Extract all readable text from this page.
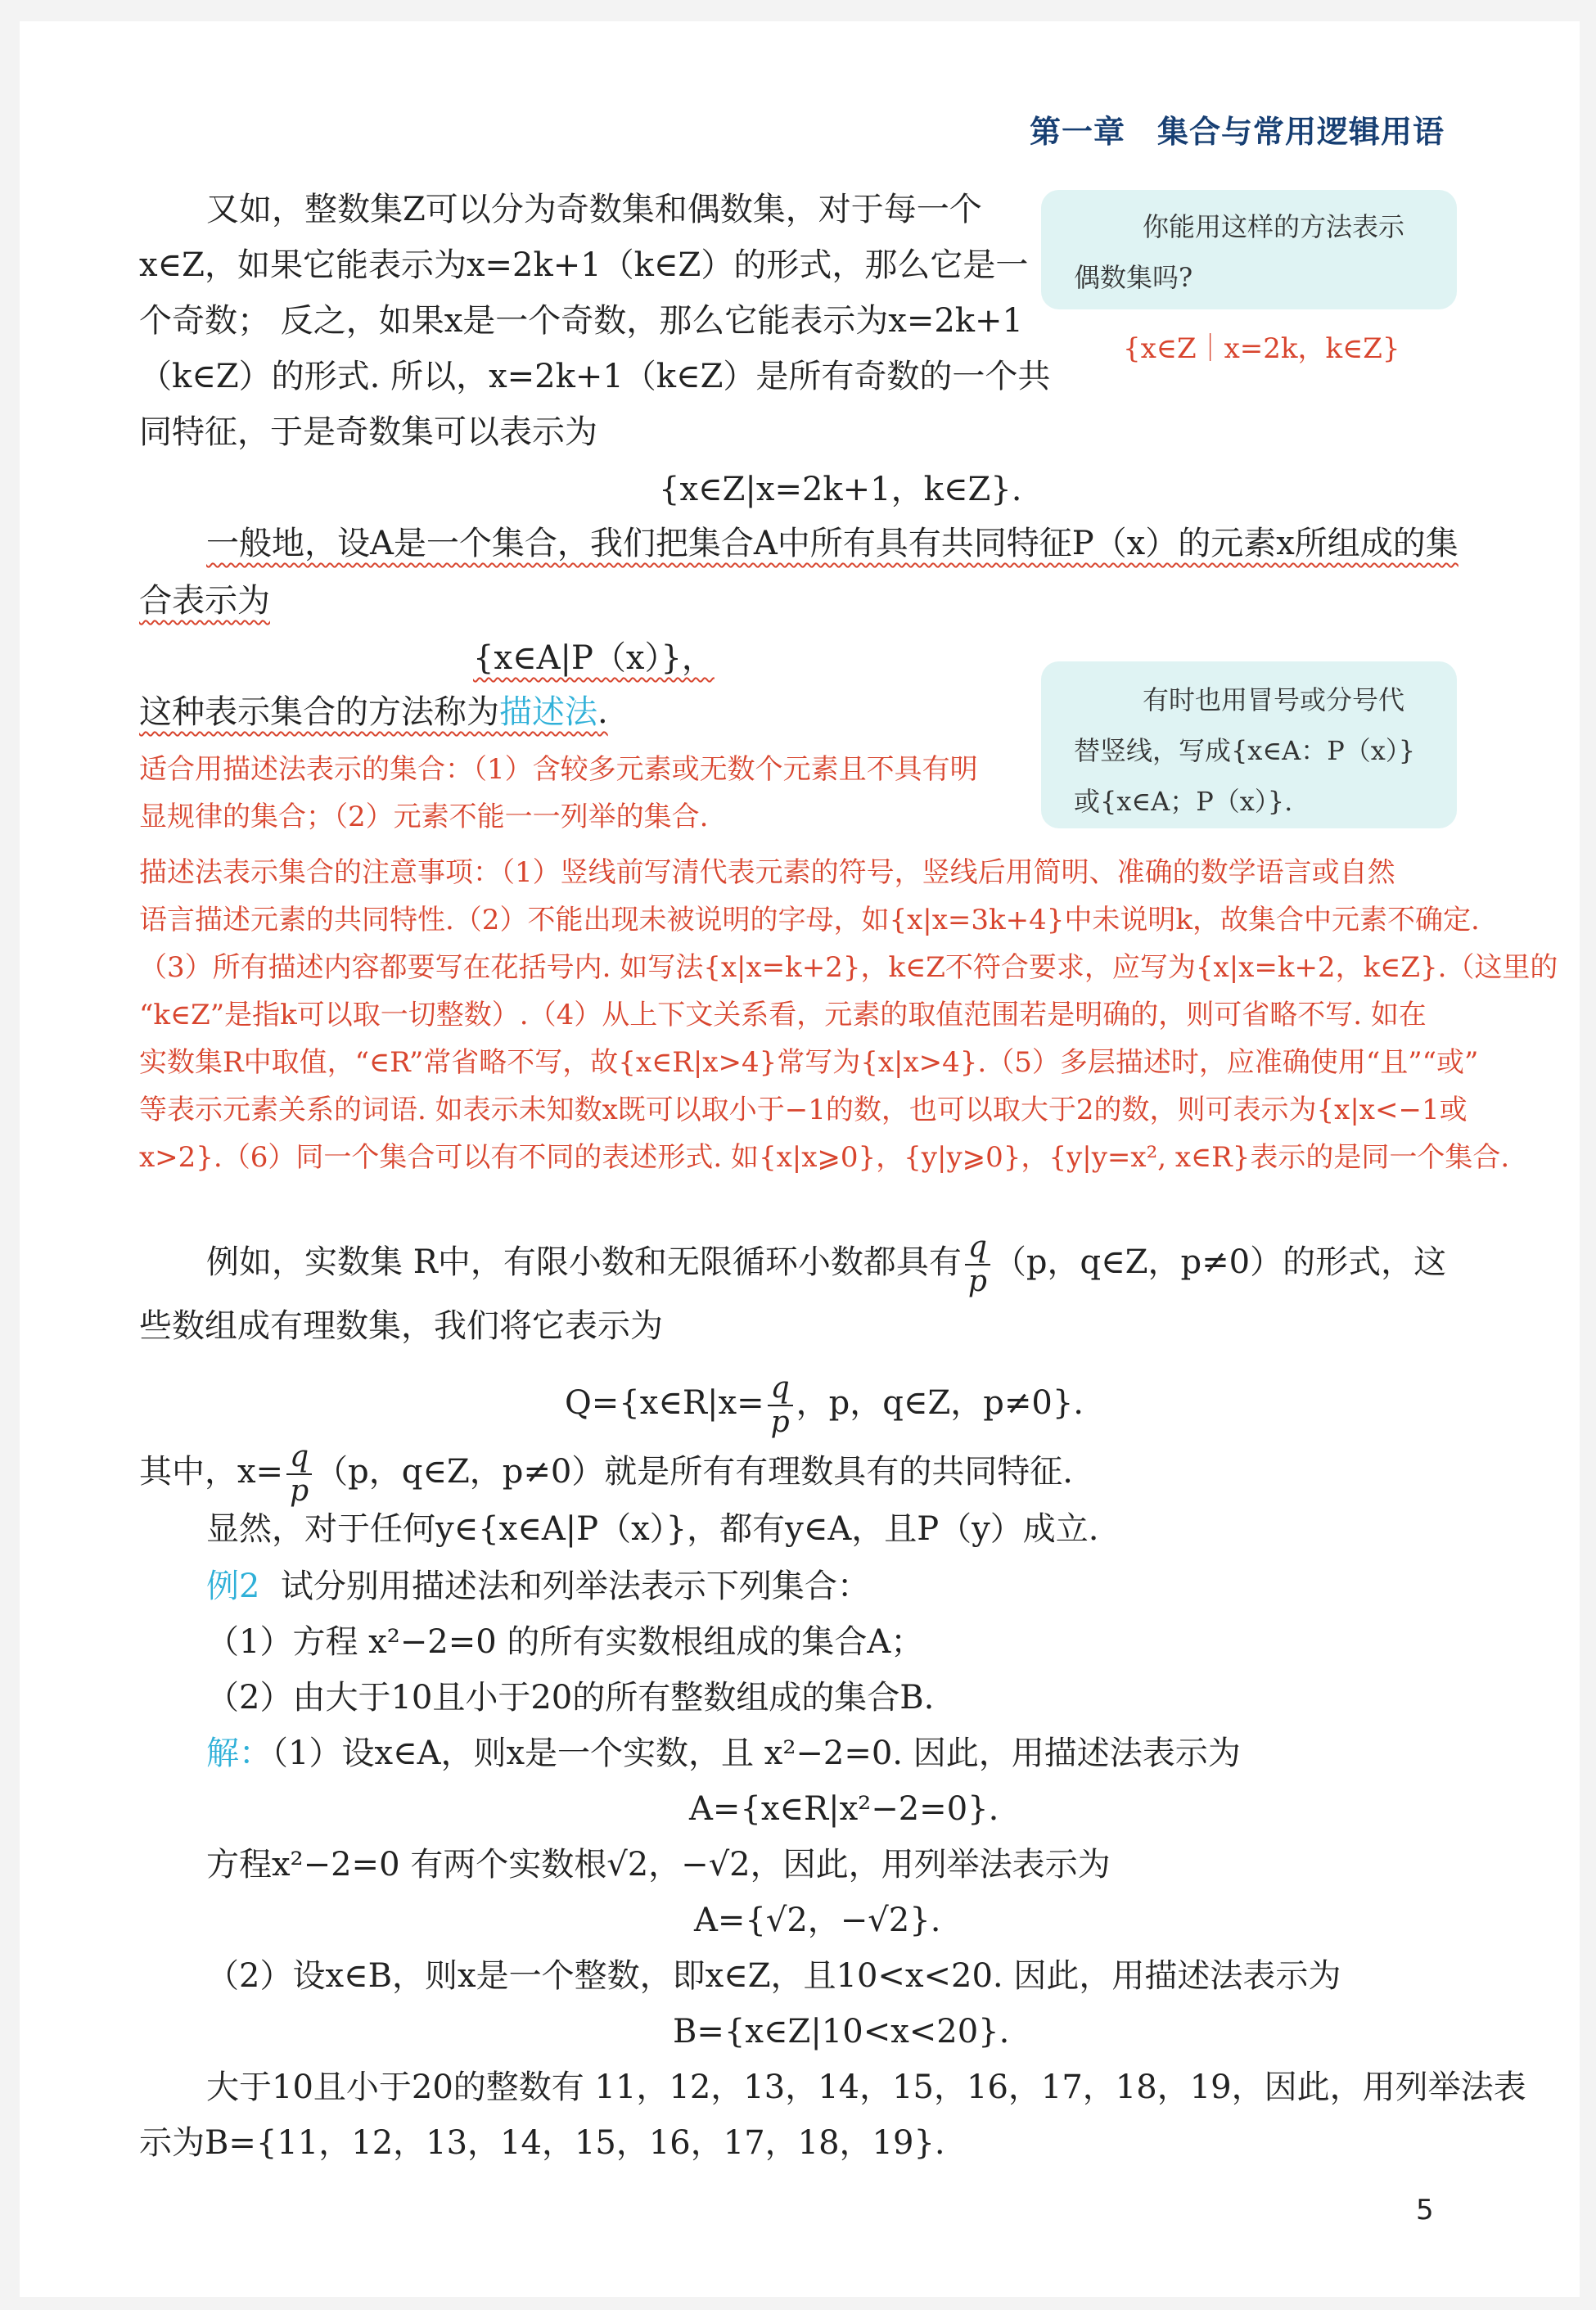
第一章　集合与常用逻辑用语
又如，整数集Z可以分为奇数集和偶数集，对于每一个
x∈Z，如果它能表示为x=2k+1（k∈Z）的形式，那么它是一
个奇数； 反之，如果x是一个奇数，那么它能表示为x=2k+1
（k∈Z）的形式. 所以，x=2k+1（k∈Z）是所有奇数的一个共
同特征，于是奇数集可以表示为
{x∈Z|x=2k+1，k∈Z}.
你能用这样的方法表示
偶数集吗?
{x∈Z｜x=2k，k∈Z}
一般地，设A是一个集合，我们把集合A中所有具有共同特征P（x）的元素x所组成的集
合表示为
{x∈A|P（x）}，
这种表示集合的方法称为描述法.	有时也用冒号或分号代
替竖线，写成{x∈A：P（x）}
或{x∈A；P（x）}.
适合用描述法表示的集合：（1）含较多元素或无数个元素且不具有明
显规律的集合；（2）元素不能一一列举的集合.
描述法表示集合的注意事项：（1）竖线前写清代表元素的符号，竖线后用简明、准确的数学语言或自然
语言描述元素的共同特性.（2）不能出现未被说明的字母，如{x|x=3k+4}中未说明k，故集合中元素不确定.
（3）所有描述内容都要写在花括号内. 如写法{x|x=k+2}，k∈Z不符合要求，应写为{x|x=k+2，k∈Z}.（这里的
“k∈Z”是指k可以取一切整数）.（4）从上下文关系看，元素的取值范围若是明确的，则可省略不写. 如在
实数集R中取值，“∈R”常省略不写，故{x∈R|x>4}常写为{x|x>4}.（5）多层描述时，应准确使用“且”“或”
等表示元素关系的词语. 如表示未知数x既可以取小于−1的数，也可以取大于2的数，则可表示为{x|x<−1或
x>2}.（6）同一个集合可以有不同的表述形式. 如{x|x⩾0}，{y|y⩾0}，{y|y=x², x∈R}表示的是同一个集合.
例如，实数集 R中，有限小数和无限循环小数都具有 $\frac{q}{p} (p$，q∈Z，p≠0）的形式，这
些数组成有理数集，我们将它表示为
Q={x∈R|x= $\frac{q}{p}$ ，p，q∈Z，p≠0}.
其中，$x= \frac{q}{p} (p$，q∈Z，p≠0）就是所有有理数具有的共同特征.
显然，对于任何y∈{x∈A|P（x）}，都有y∈A，且P（y）成立.
例2 试分别用描述法和列举法表示下列集合：
（1）方程 x²−2=0 的所有实数根组成的集合A；
（2）由大于10且小于20的所有整数组成的集合B.
解：（1）设x∈A，则x是一个实数，且 x²−2=0. 因此，用描述法表示为
A={x∈R|x²−2=0}.
方程x²−2=0 有两个实数根√2，−√2，因此，用列举法表示为
A={√2，−√2}.
（2）设x∈B，则x是一个整数，即x∈Z，且10<x<20. 因此，用描述法表示为
B={x∈Z|10<x<20}.
大于10且小于20的整数有 11，12，13，14，15，16，17，18，19，因此，用列举法表
示为B={11，12，13，14，15，16，17，18，19}.
5
